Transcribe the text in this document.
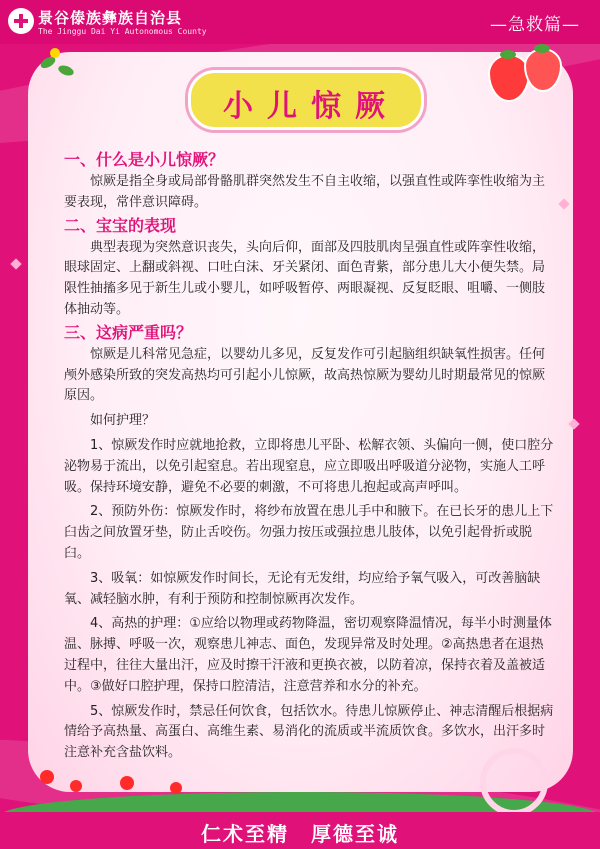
景谷傣族彝族自治县
The Jinggu Dai Yi Autonomous County	—急救篇—
小儿惊厥

一、什么是小儿惊厥？

惊厥是指全身或局部骨骼肌群突然发生不自主收缩，以强直性或阵挛性收缩为主要表现，常伴意识障碍。

二、宝宝的表现

典型表现为突然意识丧失，头向后仰，面部及四肢肌肉呈强直性或阵挛性收缩，眼球固定、上翻或斜视、口吐白沫、牙关紧闭、面色青紫，部分患儿大小便失禁。局限性抽搐多见于新生儿或小婴儿，如呼吸暂停、两眼凝视、反复眨眼、咀嚼、一侧肢体抽动等。

三、这病严重吗？

惊厥是儿科常见急症，以婴幼儿多见，反复发作可引起脑组织缺氧性损害。任何颅外感染所致的突发高热均可引起小儿惊厥，故高热惊厥为婴幼儿时期最常见的惊厥原因。

如何护理？

1、惊厥发作时应就地抢救，立即将患儿平卧、松解衣领、头偏向一侧，使口腔分泌物易于流出，以免引起窒息。若出现窒息，应立即吸出呼吸道分泌物，实施人工呼吸。保持环境安静，避免不必要的刺激，不可将患儿抱起或高声呼叫。

2、预防外伤：惊厥发作时，将纱布放置在患儿手中和腋下。在已长牙的患儿上下臼齿之间放置牙垫，防止舌咬伤。勿强力按压或强拉患儿肢体，以免引起骨折或脱臼。

3、吸氧：如惊厥发作时间长，无论有无发绀，均应给予氧气吸入，可改善脑缺氧、减轻脑水肿，有利于预防和控制惊厥再次发作。

4、高热的护理：①应给以物理或药物降温，密切观察降温情况，每半小时测量体温、脉搏、呼吸一次，观察患儿神志、面色，发现异常及时处理。②高热患者在退热过程中，往往大量出汗，应及时擦干汗液和更换衣被，以防着凉，保持衣着及盖被适中。③做好口腔护理，保持口腔清洁，注意营养和水分的补充。

5、惊厥发作时，禁忌任何饮食，包括饮水。待患儿惊厥停止、神志清醒后根据病情给予高热量、高蛋白、高维生素、易消化的流质或半流质饮食。多饮水，出汗多时注意补充含盐饮料。

仁术至精　厚德至诚
